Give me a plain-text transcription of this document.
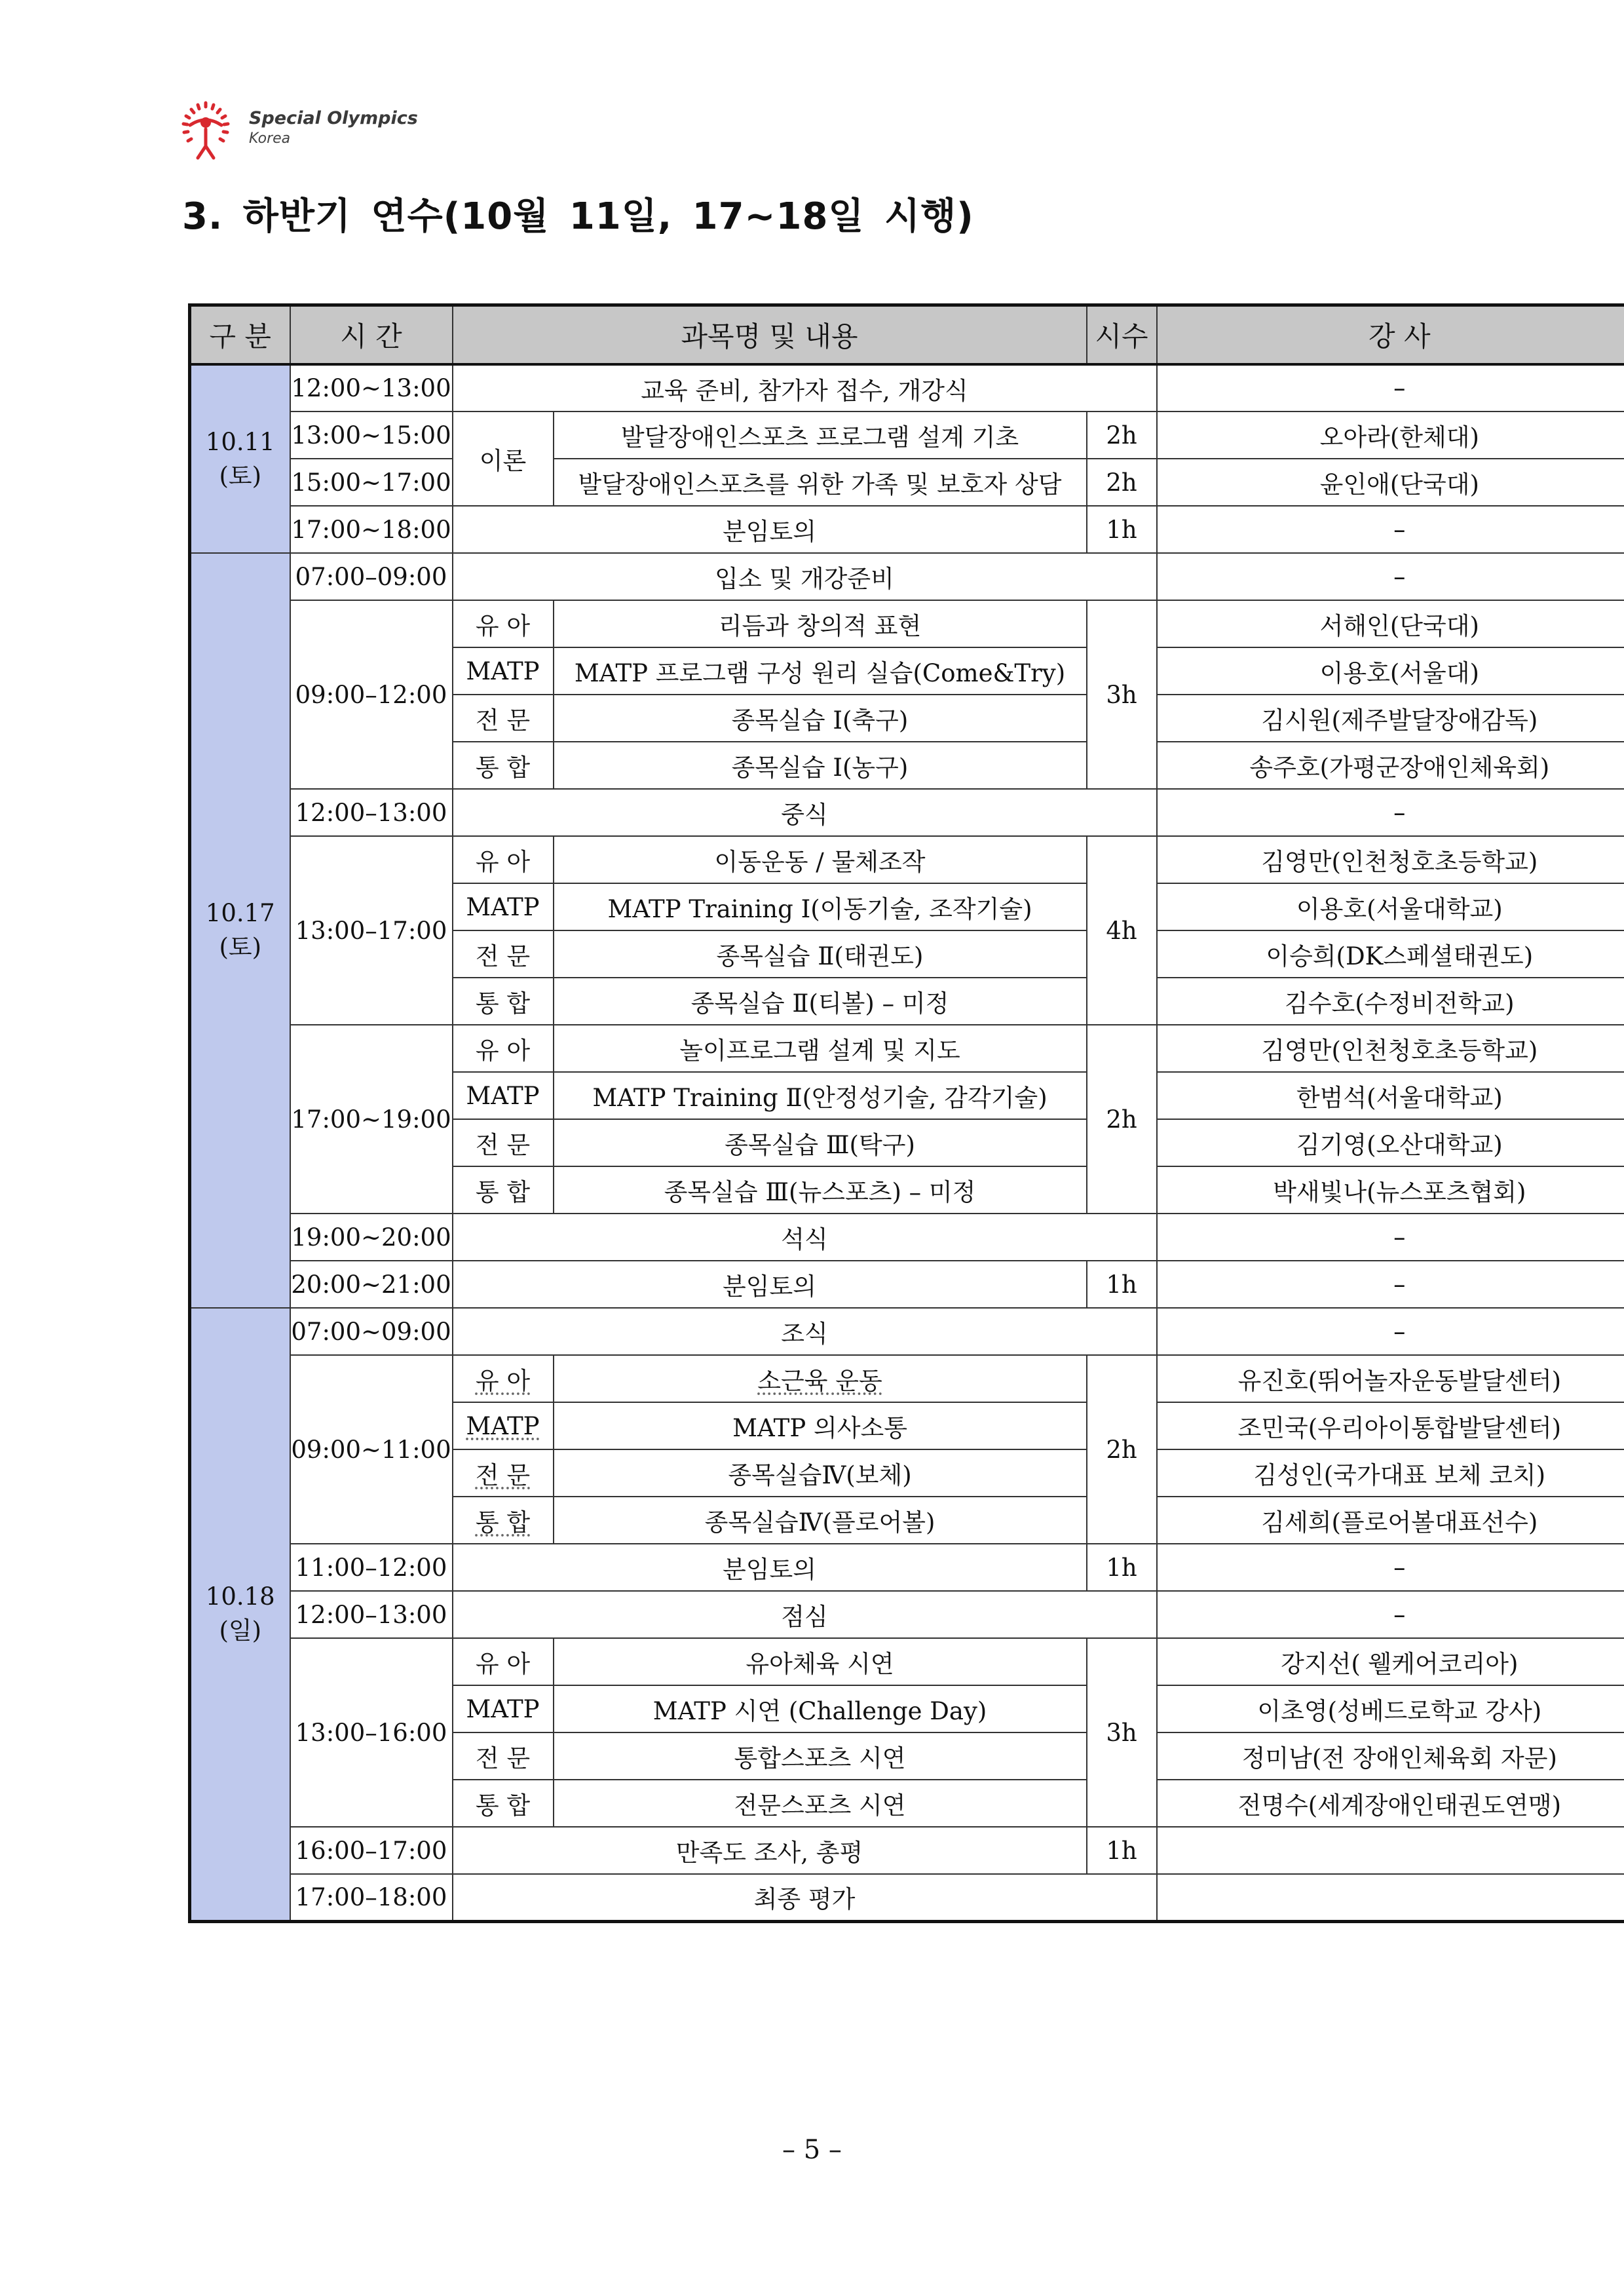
Special Olympics
Korea
3. 하반기 연수(10월 11일, 17~18일 시행)
구 분	시 간	과목명 및 내용		시수	강 사
10.11
(토)	12:00~13:00	교육 준비, 참가자 접수, 개강식			–
	13:00~15:00	이론	발달장애인스포츠 프로그램 설계 기초	2h	오아라(한체대)
	15:00~17:00		발달장애인스포츠를 위한 가족 및 보호자 상담	2h	윤인애(단국대)
	17:00~18:00	분임토의		1h	–
10.17
(토)	07:00–09:00	입소 및 개강준비			–
	09:00–12:00	유 아	리듬과 창의적 표현	3h	서해인(단국대)
		MATP	MATP 프로그램 구성 원리 실습(Come&Try)		이용호(서울대)
		전 문	종목실습 Ⅰ(축구)		김시원(제주발달장애감독)
		통 합	종목실습 Ⅰ(농구)		송주호(가평군장애인체육회)
	12:00–13:00	중식			–
	13:00–17:00	유 아	이동운동 / 물체조작	4h	김영만(인천청호초등학교)
		MATP	MATP Training Ⅰ(이동기술, 조작기술)		이용호(서울대학교)
		전 문	종목실습 Ⅱ(태권도)		이승희(DK스페셜태권도)
		통 합	종목실습 Ⅱ(티볼) – 미정		김수호(수정비전학교)
	17:00~19:00	유 아	놀이프로그램 설계 및 지도	2h	김영만(인천청호초등학교)
		MATP	MATP Training Ⅱ(안정성기술, 감각기술)		한범석(서울대학교)
		전 문	종목실습 Ⅲ(탁구)		김기영(오산대학교)
		통 합	종목실습 Ⅲ(뉴스포츠) – 미정		박새빛나(뉴스포츠협회)
	19:00~20:00	석식			–
	20:00~21:00	분임토의		1h	–
10.18
(일)	07:00~09:00	조식			–
	09:00~11:00	유 아	소근육 운동	2h	유진호(뛰어놀자운동발달센터)
		MATP	MATP 의사소통		조민국(우리아이통합발달센터)
		전 문	종목실습Ⅳ(보체)		김성인(국가대표 보체 코치)
		통 합	종목실습Ⅳ(플로어볼)		김세희(플로어볼대표선수)
	11:00–12:00	분임토의		1h	–
	12:00–13:00	점심			–
	13:00–16:00	유 아	유아체육 시연	3h	강지선( 웰케어코리아)
		MATP	MATP 시연 (Challenge Day)		이초영(성베드로학교 강사)
		전 문	통합스포츠 시연		정미남(전 장애인체육회 자문)
		통 합	전문스포츠 시연		전명수(세계장애인태권도연맹)
	16:00–17:00	만족도 조사, 총평		1h	
	17:00–18:00	최종 평가			
– 5 –
